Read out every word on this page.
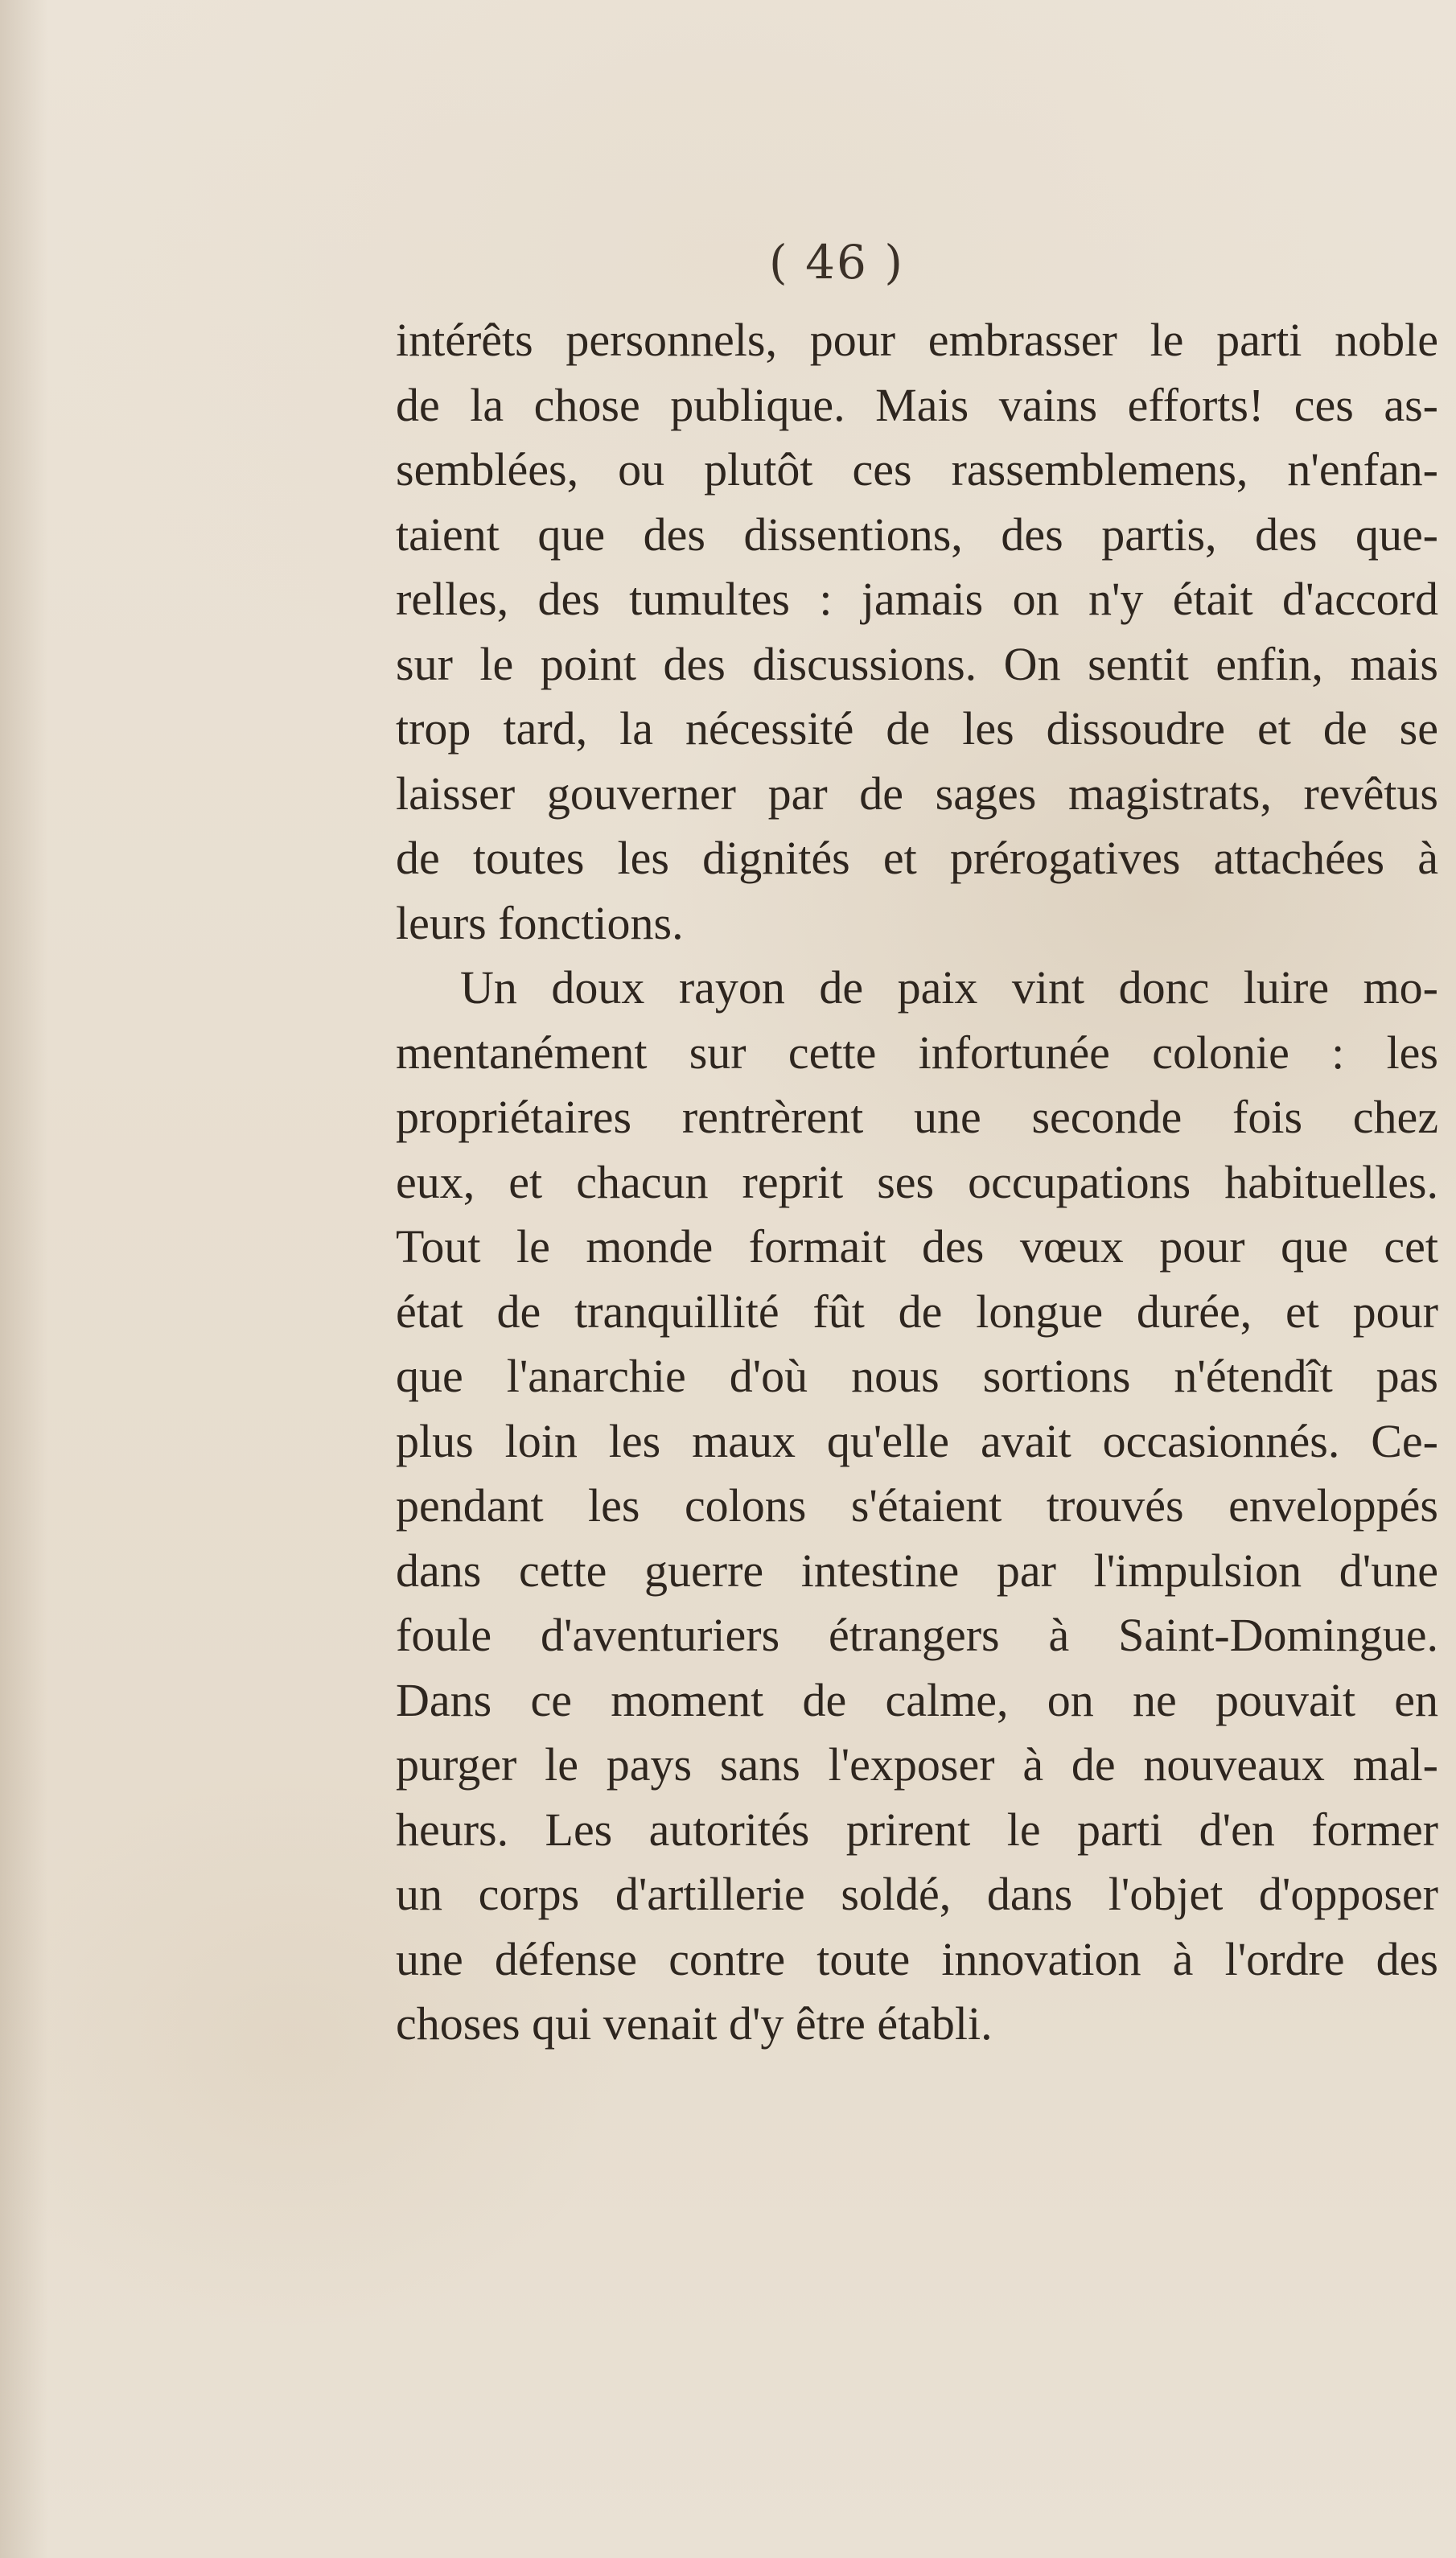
( 46 )
intérêts personnels, pour embrasser le parti noble
de la chose publique. Mais vains efforts! ces as-
semblées, ou plutôt ces rassemblemens, n'enfan-
taient que des dissentions, des partis, des que-
relles, des tumultes : jamais on n'y était d'accord
sur le point des discussions. On sentit enfin, mais
trop tard, la nécessité de les dissoudre et de se
laisser gouverner par de sages magistrats, revêtus
de toutes les dignités et prérogatives attachées à
leurs fonctions.
Un doux rayon de paix vint donc luire mo-
mentanément sur cette infortunée colonie : les
propriétaires rentrèrent une seconde fois chez
eux, et chacun reprit ses occupations habituelles.
Tout le monde formait des vœux pour que cet
état de tranquillité fût de longue durée, et pour
que l'anarchie d'où nous sortions n'étendît pas
plus loin les maux qu'elle avait occasionnés. Ce-
pendant les colons s'étaient trouvés enveloppés
dans cette guerre intestine par l'impulsion d'une
foule d'aventuriers étrangers à Saint-Domingue.
Dans ce moment de calme, on ne pouvait en
purger le pays sans l'exposer à de nouveaux mal-
heurs. Les autorités prirent le parti d'en former
un corps d'artillerie soldé, dans l'objet d'opposer
une défense contre toute innovation à l'ordre des
choses qui venait d'y être établi.
